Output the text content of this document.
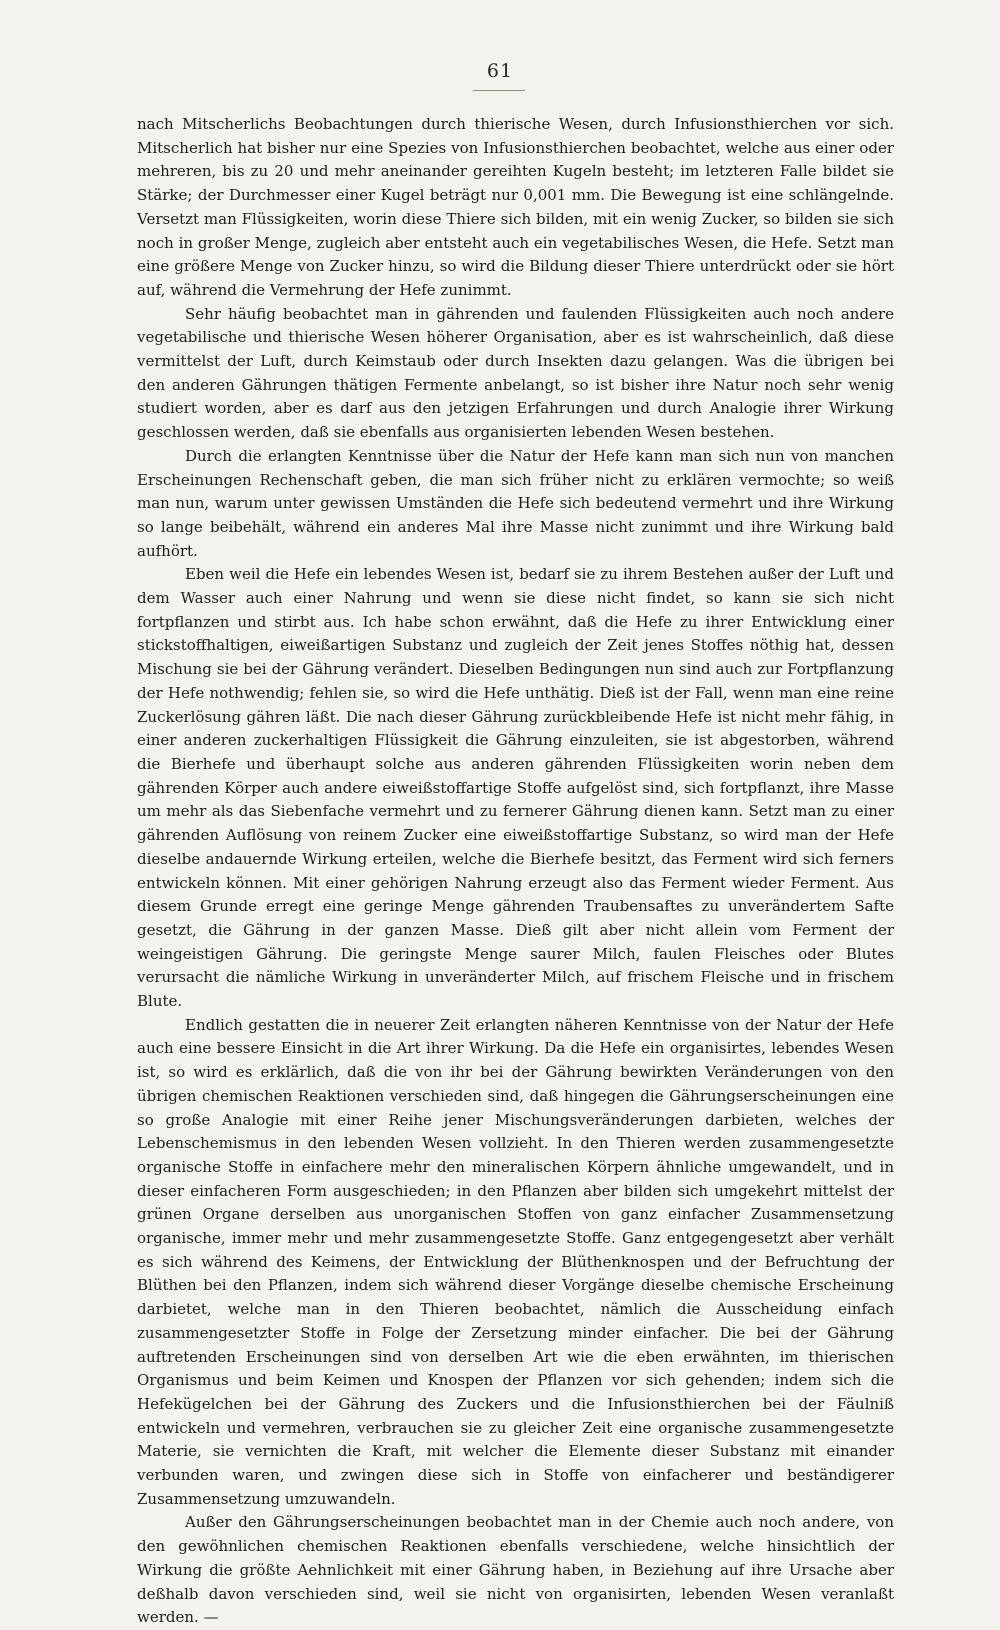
61

nach Mitscherlichs Beobachtungen durch thierische Wesen, durch Infusionsthierchen vor sich. Mitscherlich hat bisher nur eine Spezies von Infusionsthierchen beobachtet, welche aus einer oder mehreren, bis zu 20 und mehr aneinander gereihten Kugeln besteht; im letzteren Falle bildet sie Stärke; der Durchmesser einer Kugel beträgt nur 0,001 mm. Die Bewegung ist eine schlängelnde. Versetzt man Flüssigkeiten, worin diese Thiere sich bilden, mit ein wenig Zucker, so bilden sie sich noch in großer Menge, zugleich aber entsteht auch ein vegetabilisches Wesen, die Hefe. Setzt man eine größere Menge von Zucker hinzu, so wird die Bildung dieser Thiere unterdrückt oder sie hört auf, während die Vermehrung der Hefe zunimmt.

Sehr häufig beobachtet man in gährenden und faulenden Flüssigkeiten auch noch andere vegetabilische und thierische Wesen höherer Organisation, aber es ist wahrscheinlich, daß diese vermittelst der Luft, durch Keimstaub oder durch Insekten dazu gelangen. Was die übrigen bei den anderen Gährungen thätigen Fermente anbelangt, so ist bisher ihre Natur noch sehr wenig studiert worden, aber es darf aus den jetzigen Erfahrungen und durch Analogie ihrer Wirkung geschlossen werden, daß sie ebenfalls aus organisierten lebenden Wesen bestehen.

Durch die erlangten Kenntnisse über die Natur der Hefe kann man sich nun von manchen Erscheinungen Rechenschaft geben, die man sich früher nicht zu erklären vermochte; so weiß man nun, warum unter gewissen Umständen die Hefe sich bedeutend vermehrt und ihre Wirkung so lange beibehält, während ein anderes Mal ihre Masse nicht zunimmt und ihre Wirkung bald aufhört.

Eben weil die Hefe ein lebendes Wesen ist, bedarf sie zu ihrem Bestehen außer der Luft und dem Wasser auch einer Nahrung und wenn sie diese nicht findet, so kann sie sich nicht fortpflanzen und stirbt aus. Ich habe schon erwähnt, daß die Hefe zu ihrer Entwicklung einer stickstoffhaltigen, eiweißartigen Substanz und zugleich der Zeit jenes Stoffes nöthig hat, dessen Mischung sie bei der Gährung verändert. Dieselben Bedingungen nun sind auch zur Fortpflanzung der Hefe nothwendig; fehlen sie, so wird die Hefe unthätig. Dieß ist der Fall, wenn man eine reine Zuckerlösung gähren läßt. Die nach dieser Gährung zurückbleibende Hefe ist nicht mehr fähig, in einer anderen zuckerhaltigen Flüssigkeit die Gährung einzuleiten, sie ist abgestorben, während die Bierhefe und überhaupt solche aus anderen gährenden Flüssigkeiten worin neben dem gährenden Körper auch andere eiweißstoffartige Stoffe aufgelöst sind, sich fortpflanzt, ihre Masse um mehr als das Siebenfache vermehrt und zu fernerer Gährung dienen kann. Setzt man zu einer gährenden Auflösung von reinem Zucker eine eiweißstoffartige Substanz, so wird man der Hefe dieselbe andauernde Wirkung erteilen, welche die Bierhefe besitzt, das Ferment wird sich ferners entwickeln können. Mit einer gehörigen Nahrung erzeugt also das Ferment wieder Ferment. Aus diesem Grunde erregt eine geringe Menge gährenden Traubensaftes zu unverändertem Safte gesetzt, die Gährung in der ganzen Masse. Dieß gilt aber nicht allein vom Ferment der weingeistigen Gährung. Die geringste Menge saurer Milch, faulen Fleisches oder Blutes verursacht die nämliche Wirkung in unveränderter Milch, auf frischem Fleische und in frischem Blute.

Endlich gestatten die in neuerer Zeit erlangten näheren Kenntnisse von der Natur der Hefe auch eine bessere Einsicht in die Art ihrer Wirkung. Da die Hefe ein organisirtes, lebendes Wesen ist, so wird es erklärlich, daß die von ihr bei der Gährung bewirkten Veränderungen von den übrigen chemischen Reaktionen verschieden sind, daß hingegen die Gährungserscheinungen eine so große Analogie mit einer Reihe jener Mischungsveränderungen darbieten, welches der Lebenschemismus in den lebenden Wesen vollzieht. In den Thieren werden zusammengesetzte organische Stoffe in einfachere mehr den mineralischen Körpern ähnliche umgewandelt, und in dieser einfacheren Form ausgeschieden; in den Pflanzen aber bilden sich umgekehrt mittelst der grünen Organe derselben aus unorganischen Stoffen von ganz einfacher Zusammensetzung organische, immer mehr und mehr zusammengesetzte Stoffe. Ganz entgegengesetzt aber verhält es sich während des Keimens, der Entwicklung der Blüthenknospen und der Befruchtung der Blüthen bei den Pflanzen, indem sich während dieser Vorgänge dieselbe chemische Erscheinung darbietet, welche man in den Thieren beobachtet, nämlich die Ausscheidung einfach zusammengesetzter Stoffe in Folge der Zersetzung minder einfacher. Die bei der Gährung auftretenden Erscheinungen sind von derselben Art wie die eben erwähnten, im thierischen Organismus und beim Keimen und Knospen der Pflanzen vor sich gehenden; indem sich die Hefekügelchen bei der Gährung des Zuckers und die Infusionsthierchen bei der Fäulniß entwickeln und vermehren, verbrauchen sie zu gleicher Zeit eine organische zusammengesetzte Materie, sie vernichten die Kraft, mit welcher die Elemente dieser Substanz mit einander verbunden waren, und zwingen diese sich in Stoffe von einfacherer und beständigerer Zusammensetzung umzuwandeln.

Außer den Gährungserscheinungen beobachtet man in der Chemie auch noch andere, von den gewöhnlichen chemischen Reaktionen ebenfalls verschiedene, welche hinsichtlich der Wirkung die größte Aehnlichkeit mit einer Gährung haben, in Beziehung auf ihre Ursache aber deßhalb davon verschieden sind, weil sie nicht von organisirten, lebenden Wesen veranlaßt werden. —
